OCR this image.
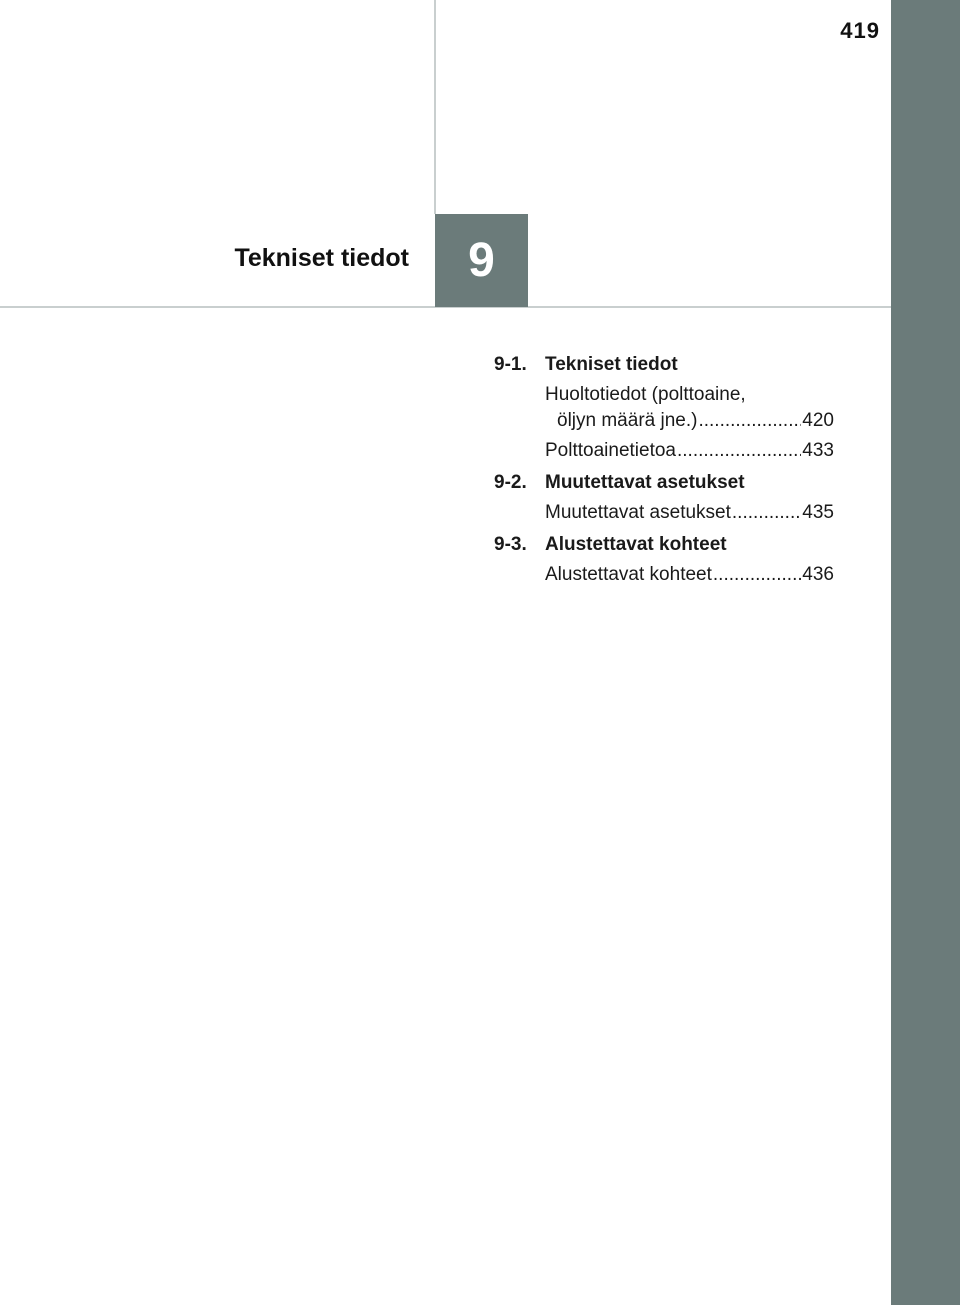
419
Tekniset tiedot 9
9-1. Tekniset tiedot
Huoltotiedot (polttoaine,
öljyn määrä jne.) .....	420
Polttoainetietoa .....	433
9-2. Muutettavat asetukset
Muutettavat asetukset .....	435
9-3. Alustettavat kohteet
Alustettavat kohteet .....	436
